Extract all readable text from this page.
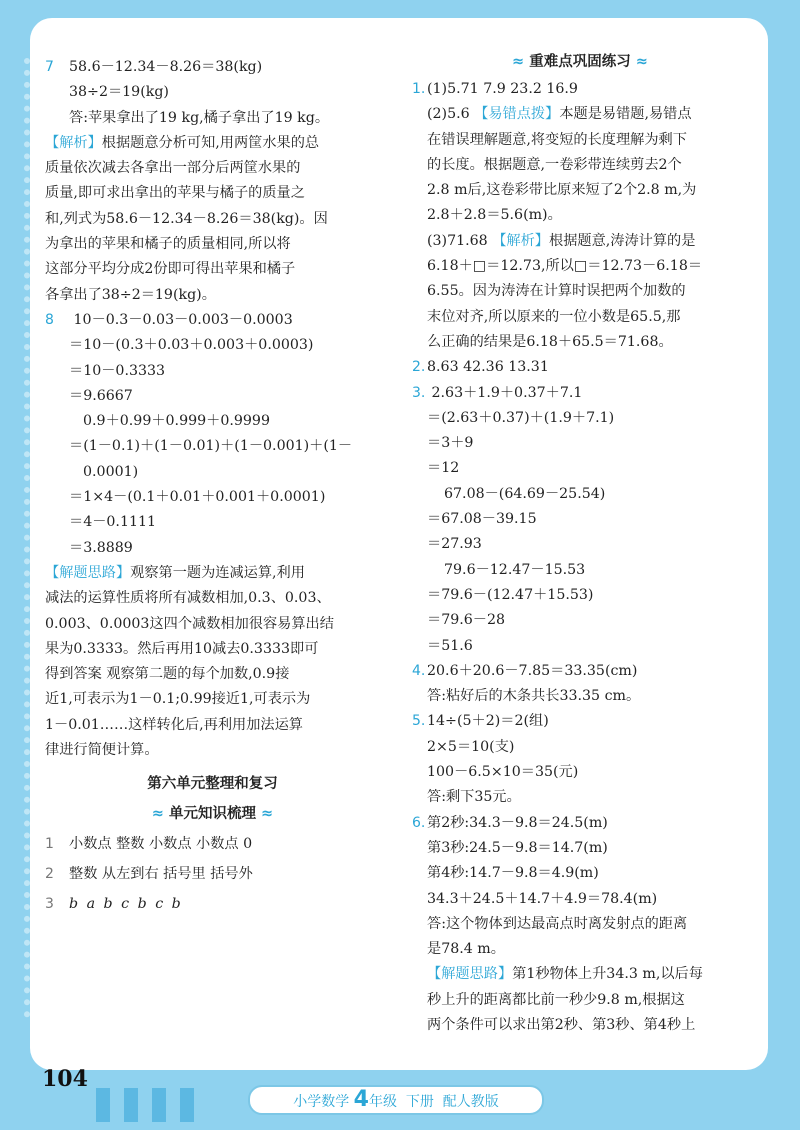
7 58.6－12.34－8.26＝38(kg)
38÷2＝19(kg)
答:苹果拿出了19 kg,橘子拿出了19 kg。
【解析】根据题意分析可知,用两筐水果的总
质量依次减去各拿出一部分后两筐水果的
质量,即可求出拿出的苹果与橘子的质量之
和,列式为58.6－12.34－8.26＝38(kg)。因
为拿出的苹果和橘子的质量相同,所以将
这部分平均分成2份即可得出苹果和橘子
各拿出了38÷2＝19(kg)。
8 10－0.3－0.03－0.003－0.0003
＝10－(0.3＋0.03＋0.003＋0.0003)
＝10－0.3333
＝9.6667
0.9＋0.99＋0.999＋0.9999
＝(1－0.1)＋(1－0.01)＋(1－0.001)＋(1－
0.0001)
＝1×4－(0.1＋0.01＋0.001＋0.0001)
＝4－0.1111
＝3.8889
【解题思路】观察第一题为连减运算,利用
减法的运算性质将所有减数相加,0.3、0.03、
0.003、0.0003这四个减数相加很容易算出结
果为0.3333。然后再用10减去0.3333即可
得到答案 观察第二题的每个加数,0.9接
近1,可表示为1－0.1;0.99接近1,可表示为
1－0.01……这样转化后,再利用加法运算
律进行简便计算。
第六单元整理和复习
≈ 单元知识梳理 ≈
1 小数点 整数 小数点 小数点 0
2 整数 从左到右 括号里 括号外
3 b a b c b c b
≈ 重难点巩固练习 ≈
1. (1)5.71 7.9 23.2 16.9
(2)5.6 【易错点拨】本题是易错题,易错点
在错误理解题意,将变短的长度理解为剩下
的长度。根据题意,一卷彩带连续剪去2个
2.8 m后,这卷彩带比原来短了2个2.8 m,为
2.8＋2.8＝5.6(m)。
(3)71.68 【解析】根据题意,涛涛计算的是
6.18＋□＝12.73,所以□＝12.73－6.18＝
6.55。因为涛涛在计算时误把两个加数的
末位对齐,所以原来的一位小数是65.5,那
么正确的结果是6.18＋65.5＝71.68。
2. 8.63 42.36 13.31
3. 2.63＋1.9＋0.37＋7.1
＝(2.63＋0.37)＋(1.9＋7.1)
＝3＋9
＝12
67.08－(64.69－25.54)
＝67.08－39.15
＝27.93
79.6－12.47－15.53
＝79.6－(12.47＋15.53)
＝79.6－28
＝51.6
4. 20.6＋20.6－7.85＝33.35(cm)
答:粘好后的木条共长33.35 cm。
5. 14÷(5＋2)＝2(组)
2×5＝10(支)
100－6.5×10＝35(元)
答:剩下35元。
6. 第2秒:34.3－9.8＝24.5(m)
第3秒:24.5－9.8＝14.7(m)
第4秒:14.7－9.8＝4.9(m)
34.3＋24.5＋14.7＋4.9＝78.4(m)
答:这个物体到达最高点时离发射点的距离
是78.4 m。
【解题思路】第1秒物体上升34.3 m,以后每
秒上升的距离都比前一秒少9.8 m,根据这
两个条件可以求出第2秒、第3秒、第4秒上
104
小学数学 4年级 下册 配人教版
